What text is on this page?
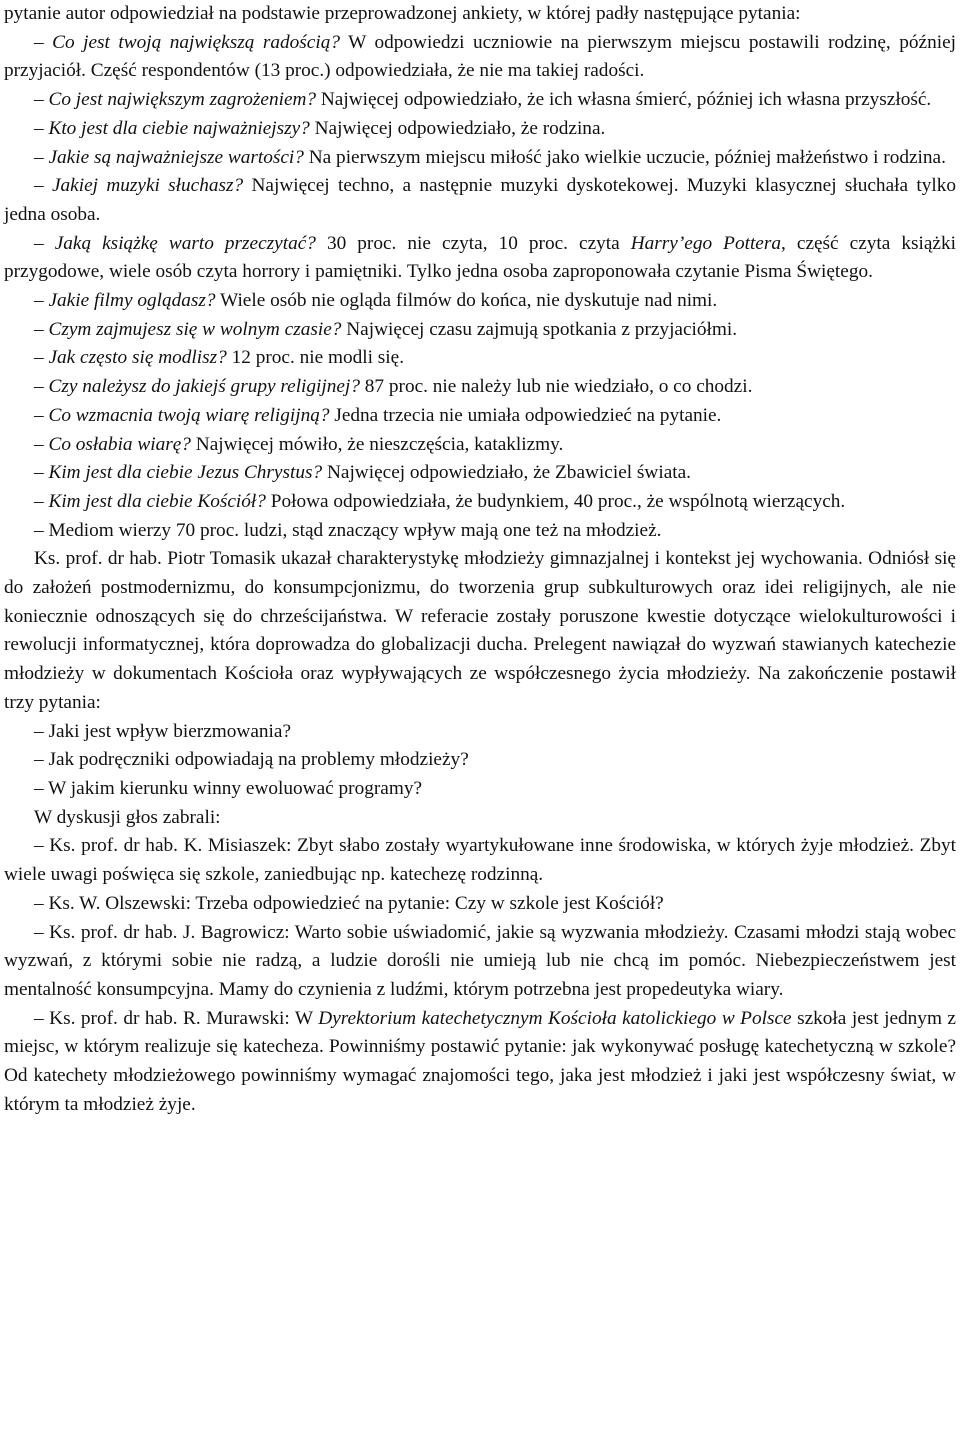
pytanie autor odpowiedział na podstawie przeprowadzonej ankiety, w której padły następujące pytania:

– Co jest twoją największą radością? W odpowiedzi uczniowie na pierwszym miejscu postawili rodzinę, później przyjaciół. Część respondentów (13 proc.) odpowiedziała, że nie ma takiej radości.

– Co jest największym zagrożeniem? Najwięcej odpowiedziało, że ich własna śmierć, później ich własna przyszłość.

– Kto jest dla ciebie najważniejszy? Najwięcej odpowiedziało, że rodzina.

– Jakie są najważniejsze wartości? Na pierwszym miejscu miłość jako wielkie uczucie, później małżeństwo i rodzina.

– Jakiej muzyki słuchasz? Najwięcej techno, a następnie muzyki dyskotekowej. Muzyki klasycznej słuchała tylko jedna osoba.

– Jaką książkę warto przeczytać? 30 proc. nie czyta, 10 proc. czyta Harry’ego Pottera, część czyta książki przygodowe, wiele osób czyta horrory i pamiętniki. Tylko jedna osoba zaproponowała czytanie Pisma Świętego.

– Jakie filmy oglądasz? Wiele osób nie ogląda filmów do końca, nie dyskutuje nad nimi.

– Czym zajmujesz się w wolnym czasie? Najwięcej czasu zajmują spotkania z przyjaciółmi.

– Jak często się modlisz? 12 proc. nie modli się.

– Czy należysz do jakiejś grupy religijnej? 87 proc. nie należy lub nie wiedziało, o co chodzi.

– Co wzmacnia twoją wiarę religijną? Jedna trzecia nie umiała odpowiedzieć na pytanie.

– Co osłabia wiarę? Najwięcej mówiło, że nieszczęścia, kataklizmy.

– Kim jest dla ciebie Jezus Chrystus? Najwięcej odpowiedziało, że Zbawiciel świata.

– Kim jest dla ciebie Kościół? Połowa odpowiedziała, że budynkiem, 40 proc., że wspólnotą wierzących.

– Mediom wierzy 70 proc. ludzi, stąd znaczący wpływ mają one też na młodzież.

Ks. prof. dr hab. Piotr Tomasik ukazał charakterystykę młodzieży gimnazjalnej i kontekst jej wychowania. Odniósł się do założeń postmodernizmu, do konsumpcjonizmu, do tworzenia grup subkulturowych oraz idei religijnych, ale nie koniecznie odnoszących się do chrześcijaństwa. W referacie zostały poruszone kwestie dotyczące wielokulturowości i rewolucji informatycznej, która doprowadza do globalizacji ducha. Prelegent nawiązał do wyzwań stawianych katechezie młodzieży w dokumentach Kościoła oraz wypływających ze współczesnego życia młodzieży. Na zakończenie postawił trzy pytania:

– Jaki jest wpływ bierzmowania?

– Jak podręczniki odpowiadają na problemy młodzieży?

– W jakim kierunku winny ewoluować programy?

W dyskusji głos zabrali:

– Ks. prof. dr hab. K. Misiaszek: Zbyt słabo zostały wyartykułowane inne środowiska, w których żyje młodzież. Zbyt wiele uwagi poświęca się szkole, zaniedbując np. katechezę rodzinną.

– Ks. W. Olszewski: Trzeba odpowiedzieć na pytanie: Czy w szkole jest Kościół?

– Ks. prof. dr hab. J. Bagrowicz: Warto sobie uświadomić, jakie są wyzwania młodzieży. Czasami młodzi stają wobec wyzwań, z którymi sobie nie radzą, a ludzie dorośli nie umieją lub nie chcą im pomóc. Niebezpieczeństwem jest mentalność konsumpcyjna. Mamy do czynienia z ludźmi, którym potrzebna jest propedeutyka wiary.

– Ks. prof. dr hab. R. Murawski: W Dyrektorium katechetycznym Kościoła katolickiego w Polsce szkoła jest jednym z miejsc, w którym realizuje się katecheza. Powinniśmy postawić pytanie: jak wykonywać posługę katechetyczną w szkole? Od katechety młodzieżowego powinniśmy wymagać znajomości tego, jaka jest młodzież i jaki jest współczesny świat, w którym ta młodzież żyje.
